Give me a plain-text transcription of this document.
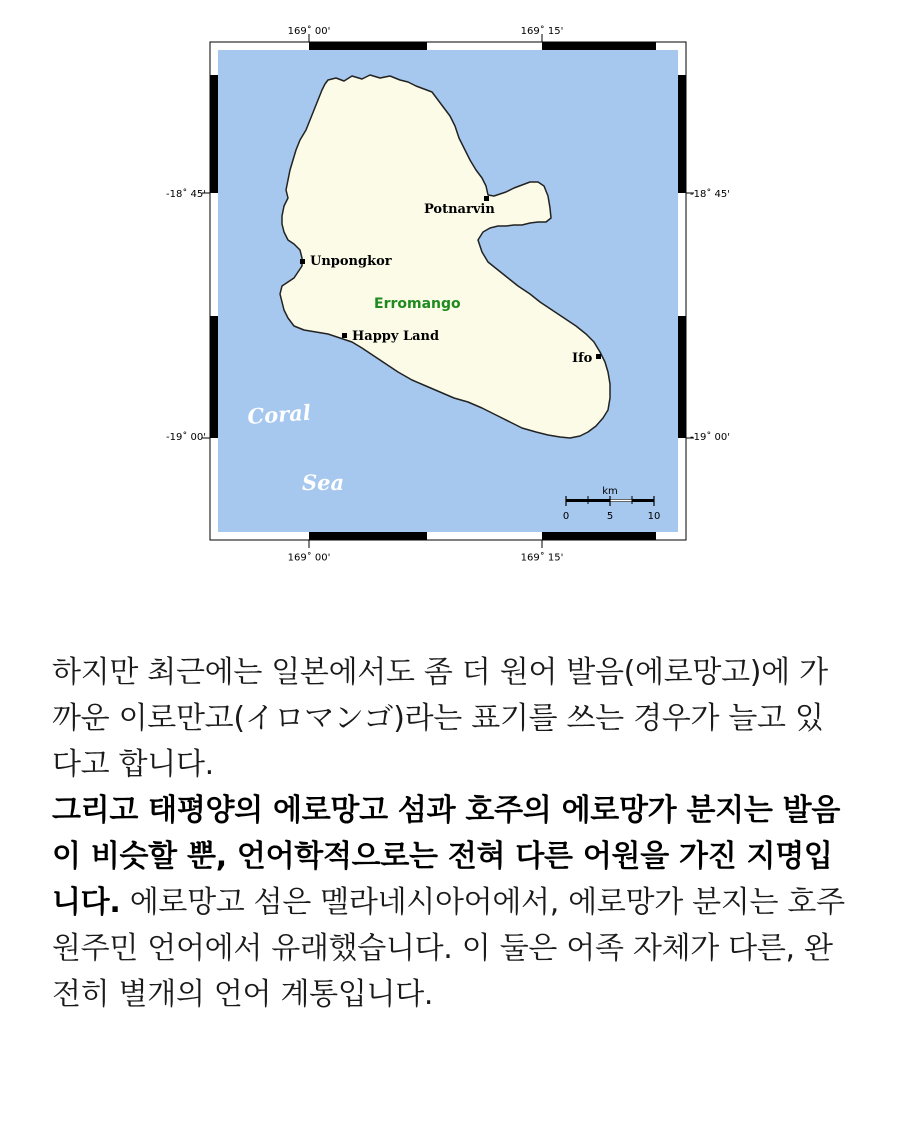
169˚ 00'	169˚ 15'
169˚ 00'	169˚ 15'
-18˚ 45'
-19˚ 00'
-18˚ 45'
-19˚ 00'
Potnarvin
Unpongkor
Happy Land
Ifo
Erromango
Coral
Sea	km
0	5	10

하지만 최근에는 일본에서도 좀 더 원어 발음(에로망고)에 가까운 이로만고(イロマンゴ)라는 표기를 쓰는 경우가 늘고 있다고 합니다.

그리고 태평양의 에로망고 섬과 호주의 에로망가 분지는 발음이 비슷할 뿐, 언어학적으로는 전혀 다른 어원을 가진 지명입니다. 에로망고 섬은 멜라네시아어에서, 에로망가 분지는 호주 원주민 언어에서 유래했습니다. 이 둘은 어족 자체가 다른, 완전히 별개의 언어 계통입니다.
